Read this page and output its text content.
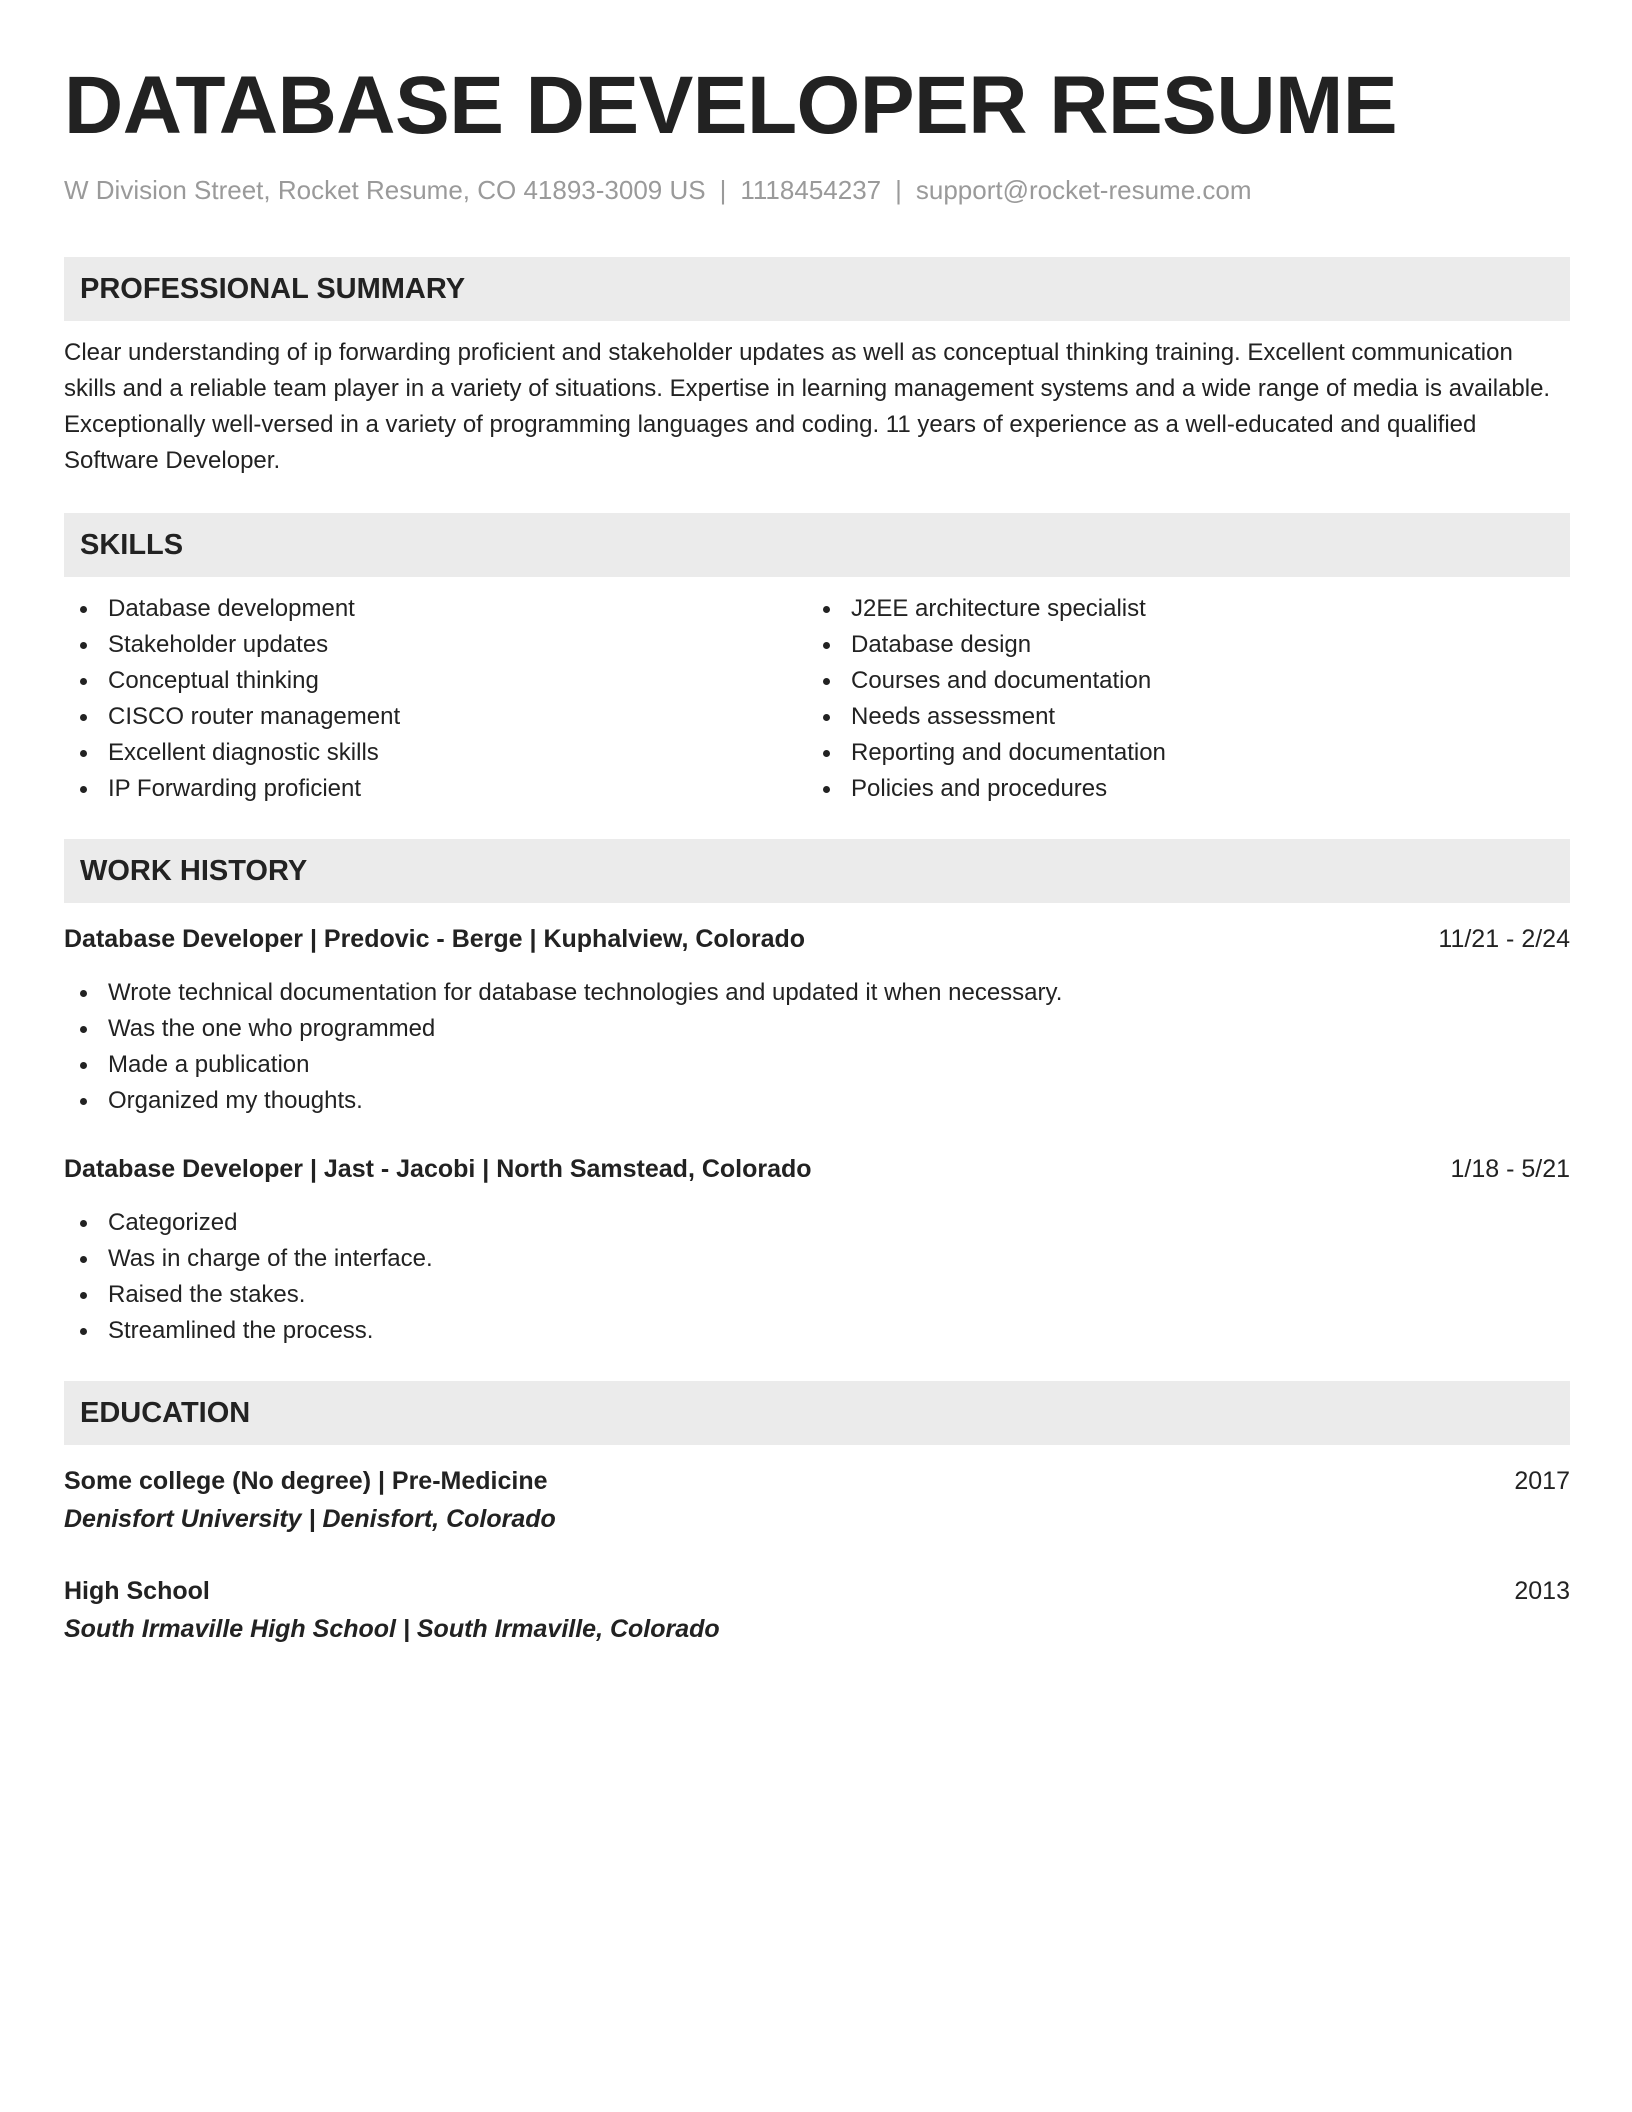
DATABASE DEVELOPER RESUME
W Division Street, Rocket Resume, CO 41893-3009 US | 1118454237 | support@rocket-resume.com
PROFESSIONAL SUMMARY

Clear understanding of ip forwarding proficient and stakeholder updates as well as conceptual thinking training. Excellent communication skills and a reliable team player in a variety of situations. Expertise in learning management systems and a wide range of media is available. Exceptionally well-versed in a variety of programming languages and coding. 11 years of experience as a well-educated and qualified Software Developer.

SKILLS
Database development
Stakeholder updates
Conceptual thinking
CISCO router management
Excellent diagnostic skills
IP Forwarding proficient
J2EE architecture specialist
Database design
Courses and documentation
Needs assessment
Reporting and documentation
Policies and procedures
WORK HISTORY
Database Developer | Predovic - Berge | Kuphalview, Colorado	11/21 - 2/24
Wrote technical documentation for database technologies and updated it when necessary.
Was the one who programmed
Made a publication
Organized my thoughts.
Database Developer | Jast - Jacobi | North Samstead, Colorado	1/18 - 5/21
Categorized
Was in charge of the interface.
Raised the stakes.
Streamlined the process.
EDUCATION
Some college (No degree) | Pre-Medicine	2017
Denisfort University | Denisfort, Colorado
High School	2013
South Irmaville High School | South Irmaville, Colorado
